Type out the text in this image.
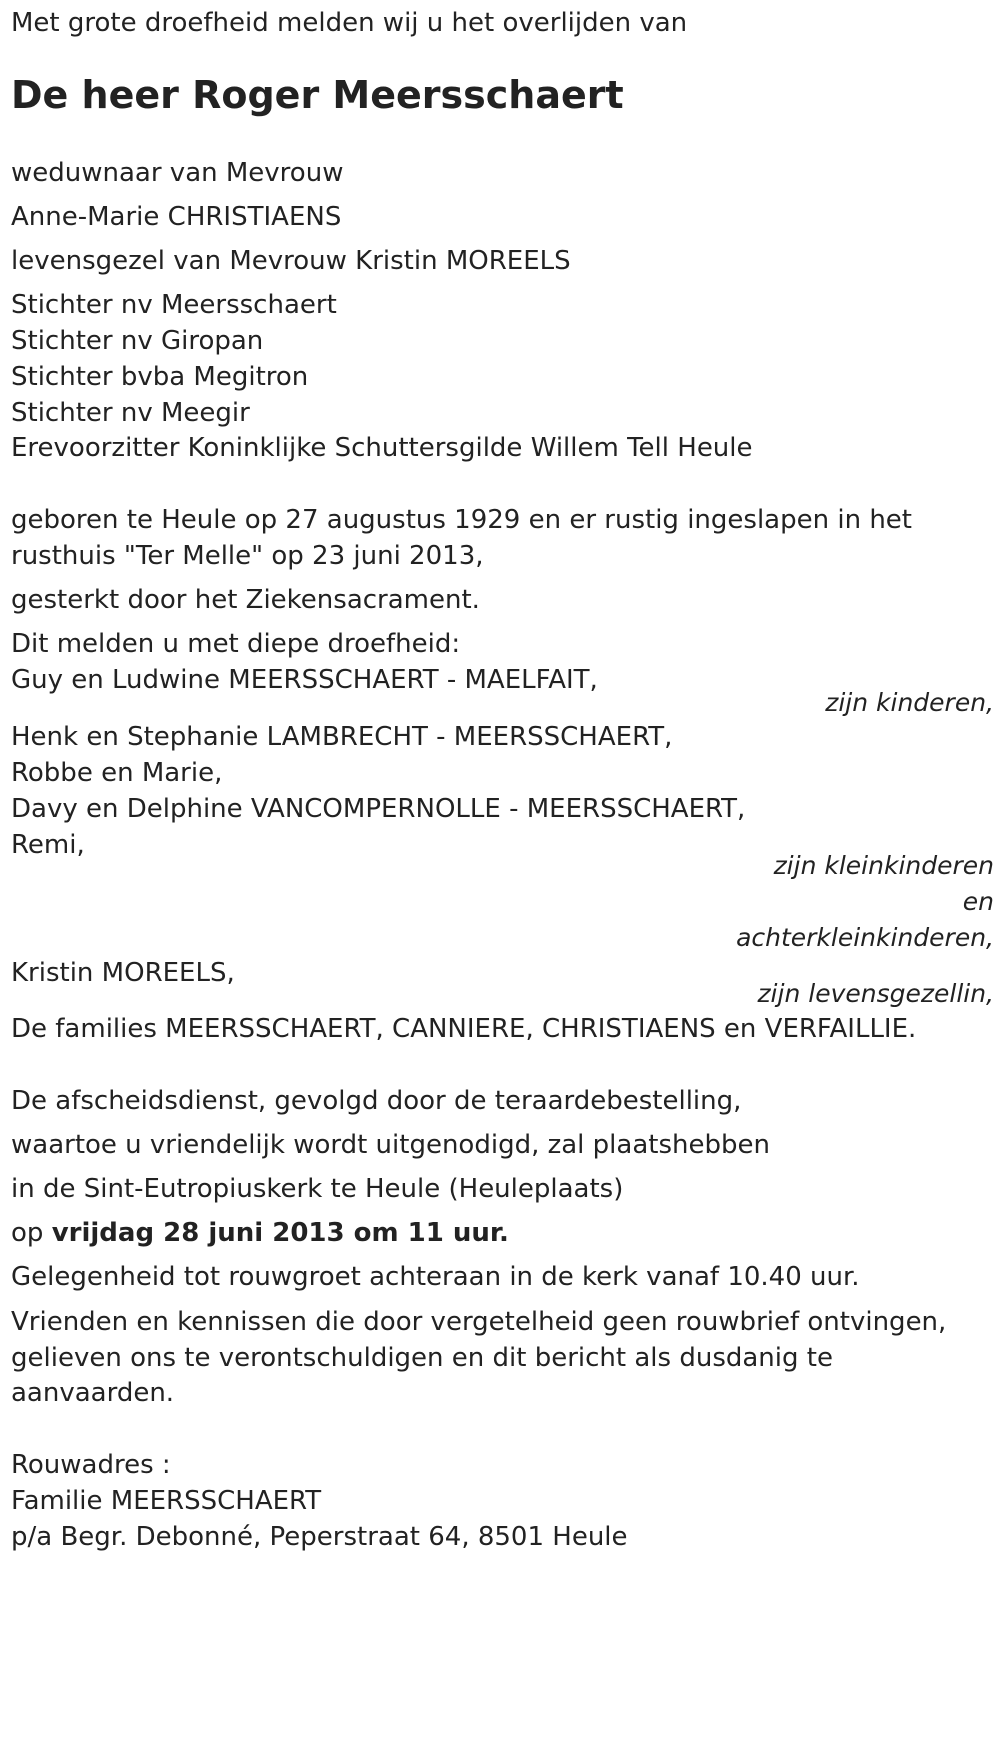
Met grote droefheid melden wij u het overlijden van

De heer Roger Meersschaert

weduwnaar van Mevrouw

Anne-Marie CHRISTIAENS

levensgezel van Mevrouw Kristin MOREELS

Stichter nv Meersschaert

Stichter nv Giropan

Stichter bvba Megitron

Stichter nv Meegir

Erevoorzitter Koninklijke Schuttersgilde Willem Tell Heule

geboren te Heule op 27 augustus 1929 en er rustig ingeslapen in het

rusthuis "Ter Melle" op 23 juni 2013,

gesterkt door het Ziekensacrament.

Dit melden u met diepe droefheid:

Guy en Ludwine MEERSSCHAERT - MAELFAIT,

zijn kinderen,

Henk en Stephanie LAMBRECHT - MEERSSCHAERT,

Robbe en Marie,

Davy en Delphine VANCOMPERNOLLE - MEERSSCHAERT,

Remi,

zijn kleinkinderen
en
achterkleinkinderen,

Kristin MOREELS,

zijn levensgezellin,

De families MEERSSCHAERT, CANNIERE, CHRISTIAENS en VERFAILLIE.

De afscheidsdienst, gevolgd door de teraardebestelling,

waartoe u vriendelijk wordt uitgenodigd, zal plaatshebben

in de Sint-Eutropiuskerk te Heule (Heuleplaats)

op vrijdag 28 juni 2013 om 11 uur.

Gelegenheid tot rouwgroet achteraan in de kerk vanaf 10.40 uur.

Vrienden en kennissen die door vergetelheid geen rouwbrief ontvingen,

gelieven ons te verontschuldigen en dit bericht als dusdanig te

aanvaarden.

Rouwadres :

Familie MEERSSCHAERT

p/a Begr. Debonné, Peperstraat 64, 8501 Heule
